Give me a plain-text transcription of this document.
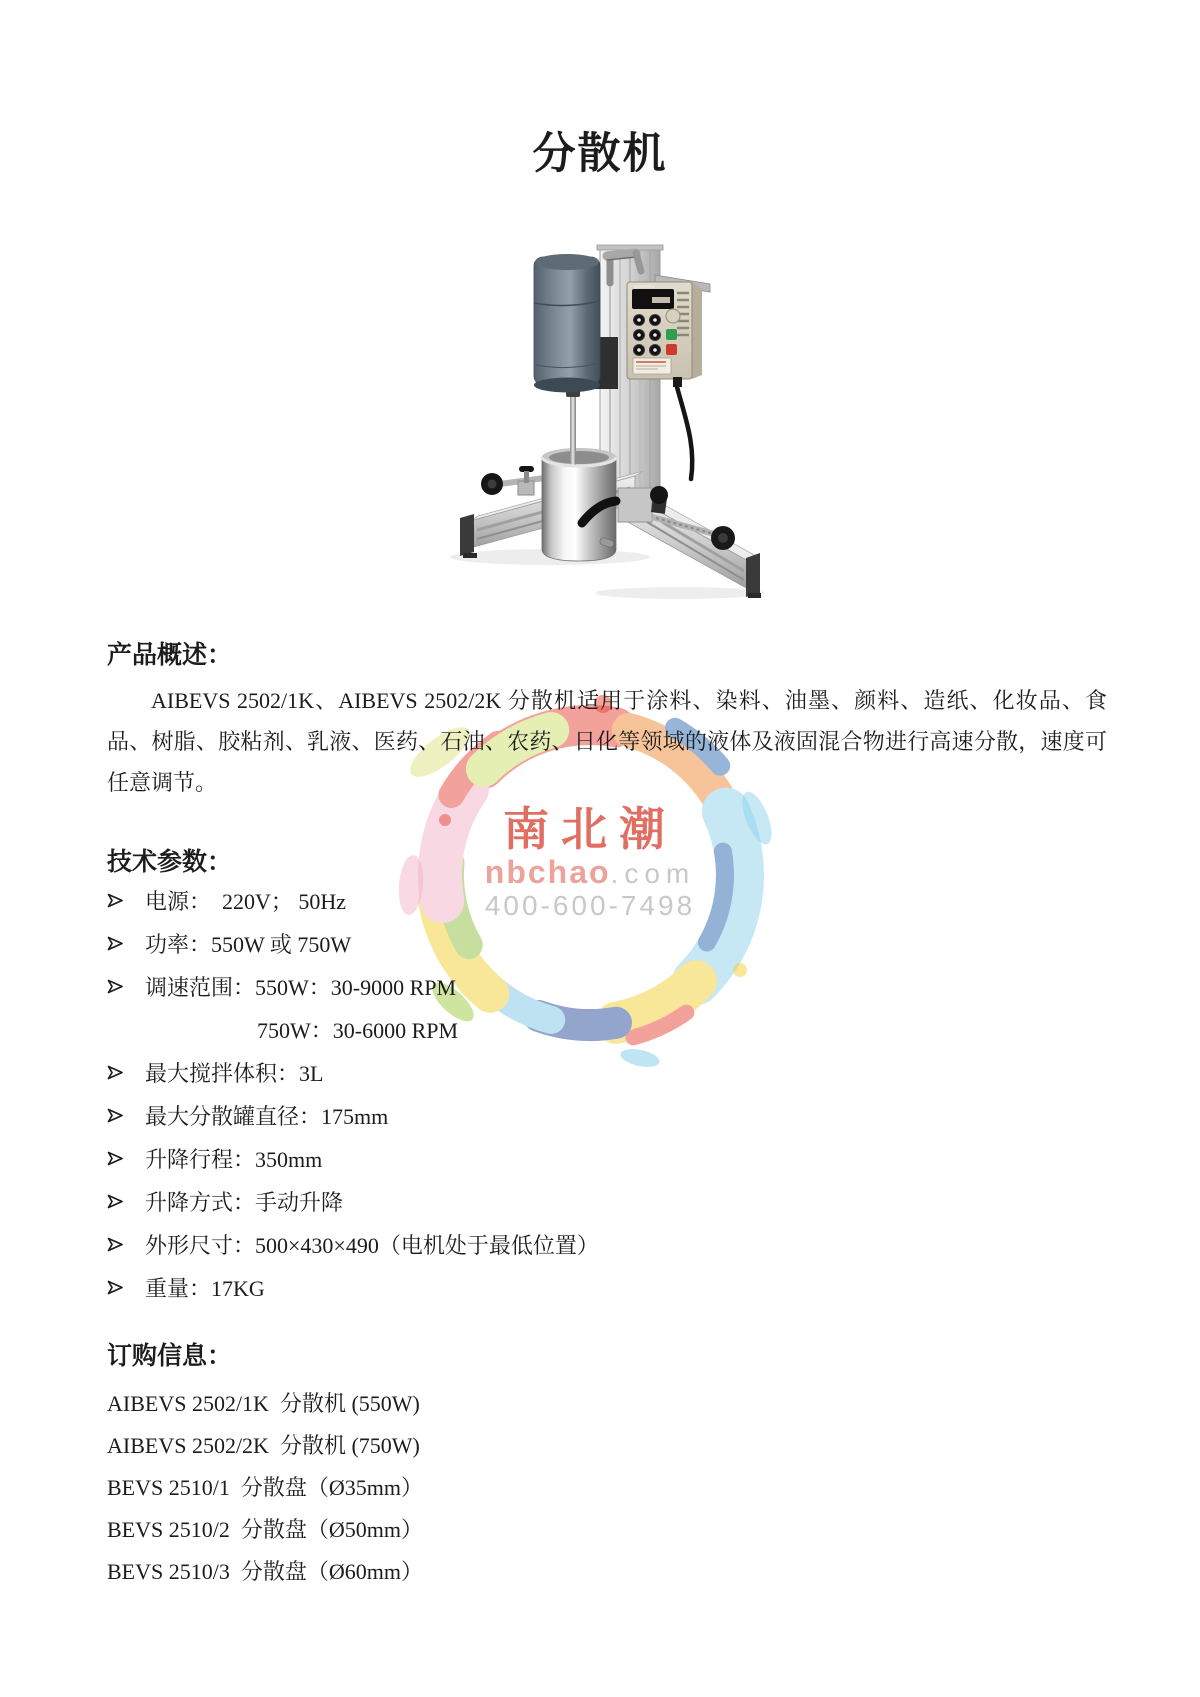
南北潮
nbchao.com
400-600-7498
分散机
产品概述：
AIBEVS 2502/1K、AIBEVS 2502/2K 分散机适用于涂料、染料、油墨、颜料、造纸、化妆品、食品、树脂、胶粘剂、乳液、医药、石油、农药、日化等领域的液体及液固混合物进行高速分散，速度可任意调节。
技术参数：
电源：  220V； 50Hz
功率：550W 或 750W
调速范围：550W：30-9000 RPM
750W：30-6000 RPM
最大搅拌体积：3L
最大分散罐直径：175mm
升降行程：350mm
升降方式：手动升降
外形尺寸：500×430×490（电机处于最低位置）
重量：17KG
订购信息：
AIBEVS 2502/1K  分散机 (550W)
AIBEVS 2502/2K  分散机 (750W)
BEVS 2510/1  分散盘（Ø35mm）
BEVS 2510/2  分散盘（Ø50mm）
BEVS 2510/3  分散盘（Ø60mm）
